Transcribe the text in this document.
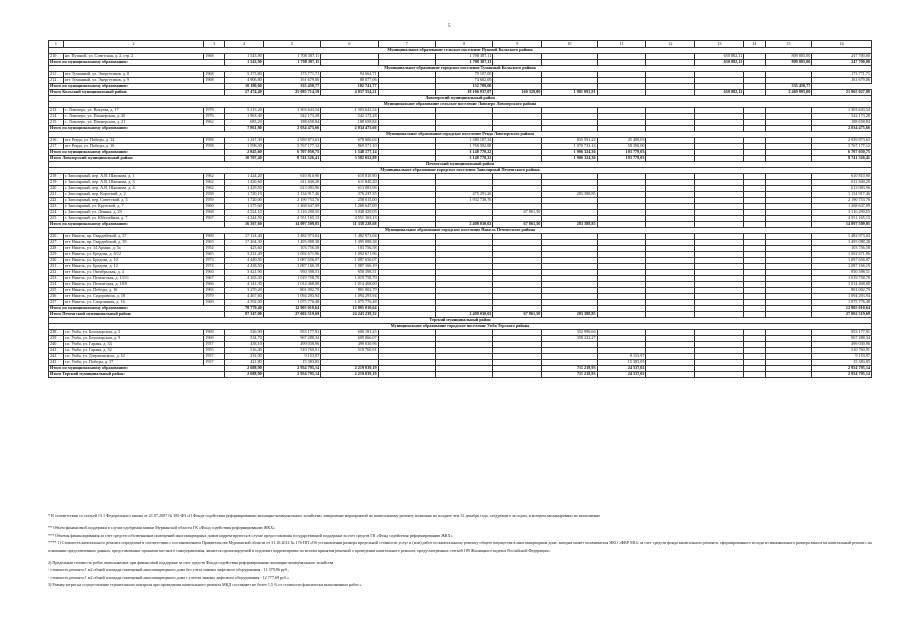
5
1	2	3	4	5	6	7	8	9	10	11	12	13	14	15	16
Муниципальное образование сельское поселение Пушной Кольского района															
210	нп. Пушной, ул. Советская, д. 2, стр. 2	1968	1 543,90	1 708 387,11			1 708 387,11					650 882,11		809 805,00	247 700,00
Итого по муниципальному образованию:			1 543,90	1 708 387,11			1 708 387,11					650 882,11		809 805,00	247 700,00
Муниципальное образование городское поселение Туманный Кольского района															
211	пгт Туманный, ул. Энергетиков, д. 8	1968	5 273,80	173 771,71	94 664,71		79 107,00								173 771,71
212	пгт Туманный, ул. Энергетиков, д. 9	1968	4 906,80	161 679,06	88 077,06		73 602,00								161 679,06
Итого по муниципальному образованию:			10 180,60	335 450,77	182 741,77		152 709,00							335 450,77	
Итого Кольский муниципальный район:			27 474,40	25 085 714,19	4 837 354,21		18 106 937,07	160 329,00	1 981 093,91			650 882,11		2 469 805,00	21 965 027,08
Ловозерский муниципальный район															
Муниципальное образование сельское поселение Ловозеро Ловозерского района															
213	с. Ловозеро, ул. Вокуева, д. 17	1978	5 215,20	1 303 643,54	1 303 643,54										1 303 643,54
214	с. Ловозеро, ул. Пионерская, д. 20	1976	1 963,40	542 173,28	542 173,28										542 173,28
215	с. Ловозеро, ул. Пионерская, д. 21	1962	683,20	188 658,84	188 658,84										188 658,84
Итого по муниципальному образованию:			7 861,80	2 034 475,66	2 034 475,66										2 034 475,66
Муниципальное образование городское поселение Ревда Ловозерского района															
216	пгт Ревда, ул. Победы, д. 14	1958	1 247,30	2 939 873,63	678 606,04		1 380 187,34		835 591,22	45 489,03					2 939 873,63
217	пгт Ревда, ул. Победы, д. 16	1958	1 598,30	3 767 177,12	869 571,10		1 768 582,88		1 070 733,14	58 290,00					3 767 177,12
Итого по муниципальному образованию:			2 845,60	6 707 050,75	1 548 177,14		3 148 770,22		1 906 324,36	103 779,03					6 707 050,75
Итого Ловозерский муниципальный район:			10 707,40	8 741 526,41	3 582 652,80		3 148 770,22		1 906 324,36	103 779,03					8 741 526,41
Печенгский муниципальный район															
Муниципальное образование городское поселение Заполярный Печенгского района															
218	г. Заполярный, пер. А.В. Шашкова, д. 1	1962	1 424,20	610 810,90	610 810,90										610 810,90
219	г. Заполярный, пер. А.В. Шашкова, д. 3	1962	1 426,60	611 840,20	611 840,20										611 840,20
220	г. Заполярный, пер. А.В. Шашкова, д. 4	1962	1 429,50	613 083,96	613 083,96										613 083,96
221	г. Заполярный, пер. Короткий, д. 2	1958	1 720,10	1 134 917,46	376 237,35		475 291,26		283 388,85						1 134 917,46
222	г. Заполярный, пер. Советский, д. 5	1959	1 720,00	2 190 753,76	258 015,00		1 932 738,76								2 190 753,76
223	г. Заполярный, ул. Крупской, д. 7	1960	1 375,60	1 268 647,09	1 268 647,09										1 268 647,09
224	г. Заполярный, ул. Ленина, д. 29	1968	4 524,10	3 116 290,55	3 048 429,05			67 861,50							3 116 290,55
225	г. Заполярный, ул. Юбилейная, д. 7	1967	4 244,50	4 551 165,13	4 551 165,13										4 551 165,13
Итого по муниципальному образованию:			16 567,60	14 097 509,05	11 338 228,68		2 408 030,02	67 861,50	283 388,85						14 097 509,05
Муниципальное образование городское поселение Никель Печенгского района															
226	пгт Никель, пр. Гвардейский, д. 37	1969	17 124,40	1 482 973,04	1 482 973,04										1 482 973,04
227	пгт Никель, пр. Гвардейский, д. 39	1965	17 264,30	1 495 088,38	1 495 088,38										1 495 088,38
228	пгт Никель, ул. 14 Армии, д. 5а	1954	423,60	103 756,58	103 756,58										103 756,58
229	пгт Никель, ул. Бредова, д. 6/12	1965	3 231,40	1 092 671,96	1 092 671,96										1 092 671,96
230	пгт Никель, ул. Бредова, д. 10	1973	4 440,50	1 087 656,07	1 087 656,07										1 087 656,07
231	пгт Никель, ул. Бредова, д. 12	1974	4 438,50	1 087 166,19	1 087 166,19										1 087 166,19
232	пгт Никель, ул. Октябрьская, д. 4	1960	3 421,90	950 398,51	950 398,51										950 398,51
233	пгт Никель, ул. Печенгская, д. 13/11	1967	4 163,30	1 019 758,70	1 019 758,70										1 019 758,70
234	пгт Никель, ул. Печенгская, д. 18/9	1966	4 141,30	1 014 468,00	1 014 468,00										1 014 468,00
235	пгт Никель, ул. Победы, д. 16	1963	3 270,20	801 002,79	801 002,79										801 002,79
236	пгт Никель, ул. Сидоровича, д. 18	1979	4 467,60	1 094 293,94	1 094 293,94										1 094 293,94
237	пгт Никель, ул. Спортивная, д. 16	1969	4 392,00	1 075 776,48	1 075 776,48										1 075 776,48
Итого по муниципальному образованию:			70 779,40	12 905 010,64	12 905 010,64										12 905 010,64
Итого Печенгский муниципальный район:			87 347,00	27 002 519,69	24 243 239,32		2 408 030,02	67 861,50	283 388,85						27 002 519,69
Терский муниципальный район															
Муниципальное образование городское поселение Умба Терского района															
238	г.п. Умба, ул. Беломорская, д. 3	1969	526,90	953 177,91	600 181,25				352 996,66						953 177,91
239	г.п. Умба, ул. Беломорская, д. 9	1969	534,70	967 288,34	609 066,07				358 222,27						967 288,34
240	г.п. Умба, ул. Гараня, д. 33	1937	458,10	499 030,96	499 030,96										499 030,96
241	г.п. Умба, ул. Гараня, д. 52	1955	516,40	510 760,91	510 760,91										510 760,91
242	г.п. Умба, ул. Дзержинского, д. 52	1937	231,00	9 153,97						9 153,97					9 153,97
243	г.п. Умба, ул. Победы, д. 37	1937	421,80	15 383,05						15 383,05					15 383,05
Итого по муниципальному образованию:			2 688,90	2 954 795,14	2 219 039,19				711 218,93	24 537,02					2 954 795,14
Итого Терский муниципальный район:			2 688,90	2 954 795,14	2 219 039,19				711 218,93	24 537,02					2 954 795,14

* В соответствии со статьей 15.1 Федерального закона от 21.07.2007 № 185-ФЗ «О Фонде содействия реформированию жилищно-коммунального хозяйства» завершение мероприятий по капитальному ремонту возможно не позднее чем 31 декабря года, следующего за годом, в котором запланировано их выполнение

** Объем финансовой поддержки в случае одобрения заявки Мурманской области ГК «Фонд содействия реформированию ЖКХ»

*** Объемы финансирования за счет средств собственников помещений многоквартирных домов корректируются в случае предоставления государственной поддержки за счет средств ГК «Фонд содействия реформированию ЖКХ»

**** 1) Стоимость капитального ремонта определена в соответствии с постановлением Правительства Мурманской области от 31.10.2014 № 176-ПП «Об установлении размера предельной стоимости услуг и (или) работ по капитальному ремонту общего имущества в многоквартирном доме, которая может оплачиваться НКО «ФКР МО» за счет средств фонда капитального ремонта, сформированного исходя из минимального размера взноса на капитальный ремонт» на основании представленных данных, представленных органами местного самоуправления, является прогнозируемой и подлежит корректировке по итогам принятия решений о проведении капитального ремонта, предусмотренных статьей 189 Жилищного кодекса Российской Федерации».

2) Предельная стоимость работ, выполняемых при финансовой поддержке за счет средств Фонда содействия реформированию жилищно-коммунального хозяйства

- стоимость ремонта 1 м2 общей площади помещений многоквартирного дома без учета замены лифтового оборудования - 11 379,86 руб.,

- стоимость ремонта 1 м2 общей площади помещений многоквартирного дома с учетом замены лифтового оборудования - 12 777,69 руб.»

3) Размер затрат на осуществление строительного контроля при проведении капитального ремонта МКД составляет не более 1,5 % от стоимости фактически выполненных работ.»
